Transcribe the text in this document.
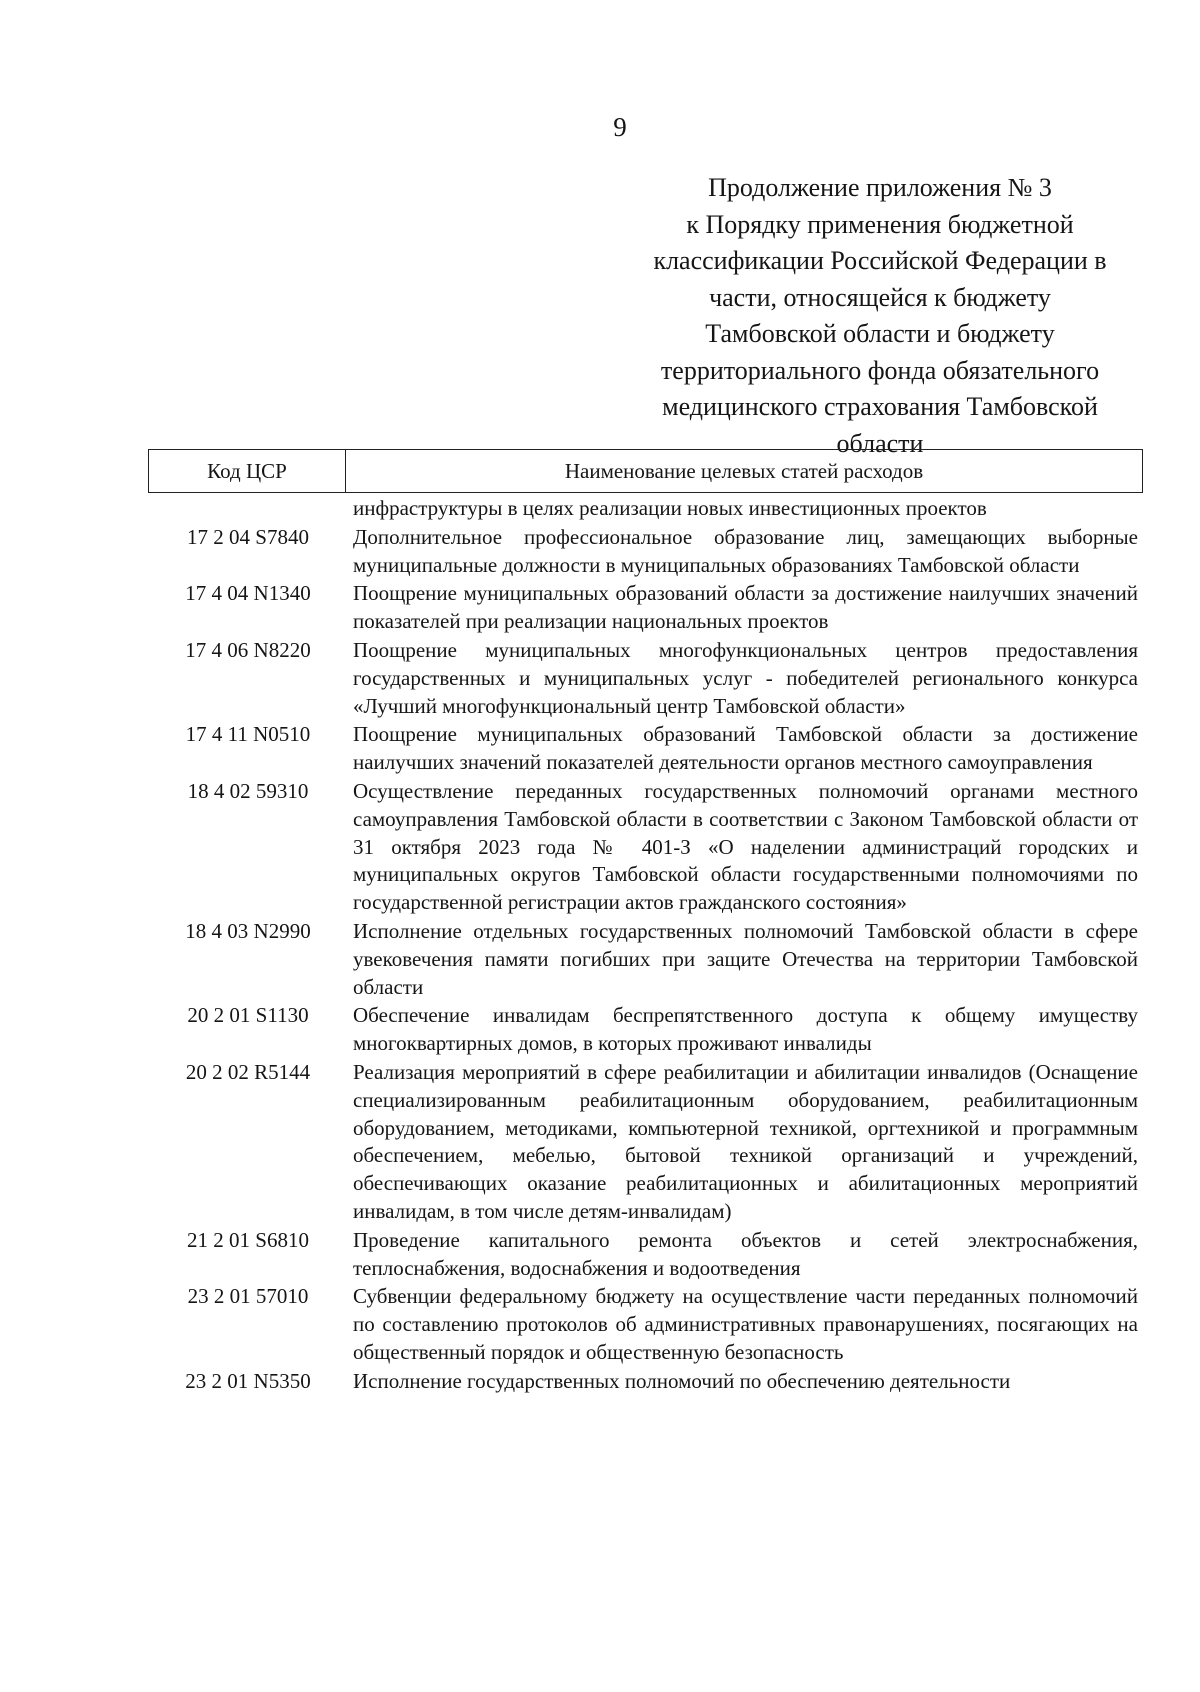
9
Продолжение приложения № 3
к Порядку применения бюджетной
классификации Российской Федерации в
части, относящейся к бюджету
Тамбовской области и бюджету
территориального фонда обязательного
медицинского страхования Тамбовской
области
Код ЦСР	Наименование целевых статей расходов
инфраструктуры в целях реализации новых инвестиционных проектов
17 2 04 S7840	Дополнительное профессиональное образование лиц, замещающих выборные муниципальные должности в муниципальных образованиях Тамбовской области
17 4 04 N1340	Поощрение муниципальных образований области за достижение наилучших значений показателей при реализации национальных проектов
17 4 06 N8220	Поощрение муниципальных многофункциональных центров предоставления государственных и муниципальных услуг - победителей регионального конкурса «Лучший многофункциональный центр Тамбовской области»
17 4 11 N0510	Поощрение муниципальных образований Тамбовской области за достижение наилучших значений показателей деятельности органов местного самоуправления
18 4 02 59310	Осуществление переданных государственных полномочий органами местного самоуправления Тамбовской области в соответствии с Законом Тамбовской области от 31 октября 2023 года № 401-З «О наделении администраций городских и муниципальных округов Тамбовской области государственными полномочиями по государственной регистрации актов гражданского состояния»
18 4 03 N2990	Исполнение отдельных государственных полномочий Тамбовской области в сфере увековечения памяти погибших при защите Отечества на территории Тамбовской области
20 2 01 S1130	Обеспечение инвалидам беспрепятственного доступа к общему имуществу многоквартирных домов, в которых проживают инвалиды
20 2 02 R5144	Реализация мероприятий в сфере реабилитации и абилитации инвалидов (Оснащение специализированным реабилитационным оборудованием, реабилитационным оборудованием, методиками, компьютерной техникой, оргтехникой и программным обеспечением, мебелью, бытовой техникой организаций и учреждений, обеспечивающих оказание реабилитационных и абилитационных мероприятий инвалидам, в том числе детям-инвалидам)
21 2 01 S6810	Проведение капитального ремонта объектов и сетей электроснабжения, теплоснабжения, водоснабжения и водоотведения
23 2 01 57010	Субвенции федеральному бюджету на осуществление части переданных полномочий по составлению протоколов об административных правонарушениях, посягающих на общественный порядок и общественную безопасность
23 2 01 N5350	Исполнение государственных полномочий по обеспечению деятельности
